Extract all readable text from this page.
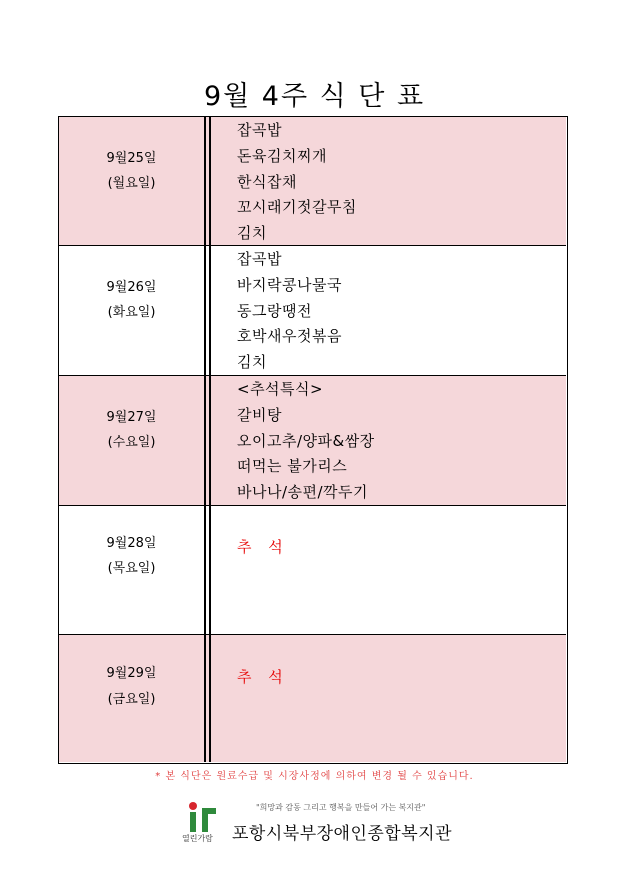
9월 4주 식 단 표
9월25일
(월요일)
잡곡밥
돈육김치찌개
한식잡채
꼬시래기젓갈무침
김치
9월26일
(화요일)
잡곡밥
바지락콩나물국
동그랑땡전
호박새우젓볶음
김치
9월27일
(수요일)
<추석특식>
갈비탕
오이고추/양파&쌈장
떠먹는 불가리스
바나나/송편/깍두기
9월28일
(목요일)
추 석
9월29일
(금요일)
추 석
* 본 식단은 원료수급 및 시장사정에 의하여 변경 될 수 있습니다.
열린가람
"희망과 감동 그리고 행복을 만들어 가는 복지관"
포항시북부장애인종합복지관
